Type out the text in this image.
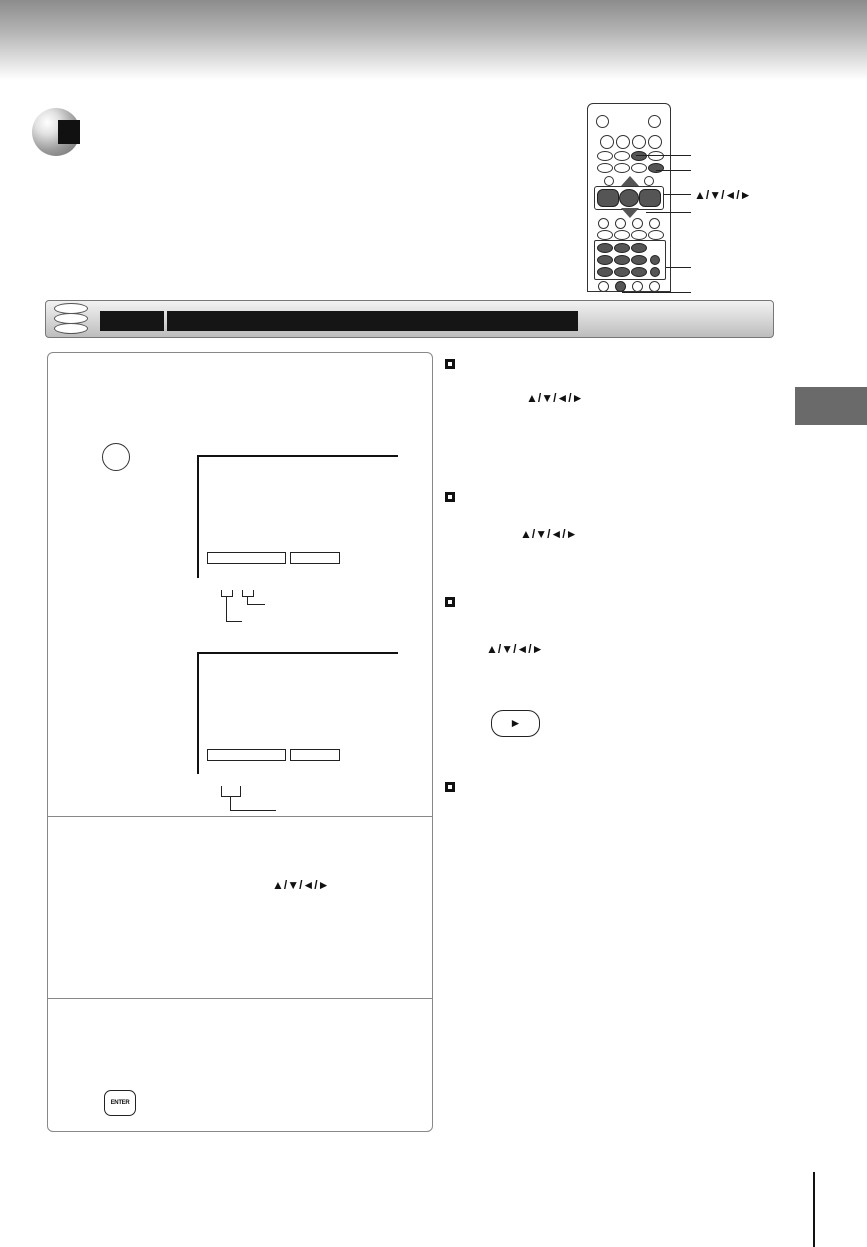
▲/▼/◄/►
▲/▼/◄/►
ENTER
▲/▼/◄/►
▲/▼/◄/►
▲/▼/◄/►
►
